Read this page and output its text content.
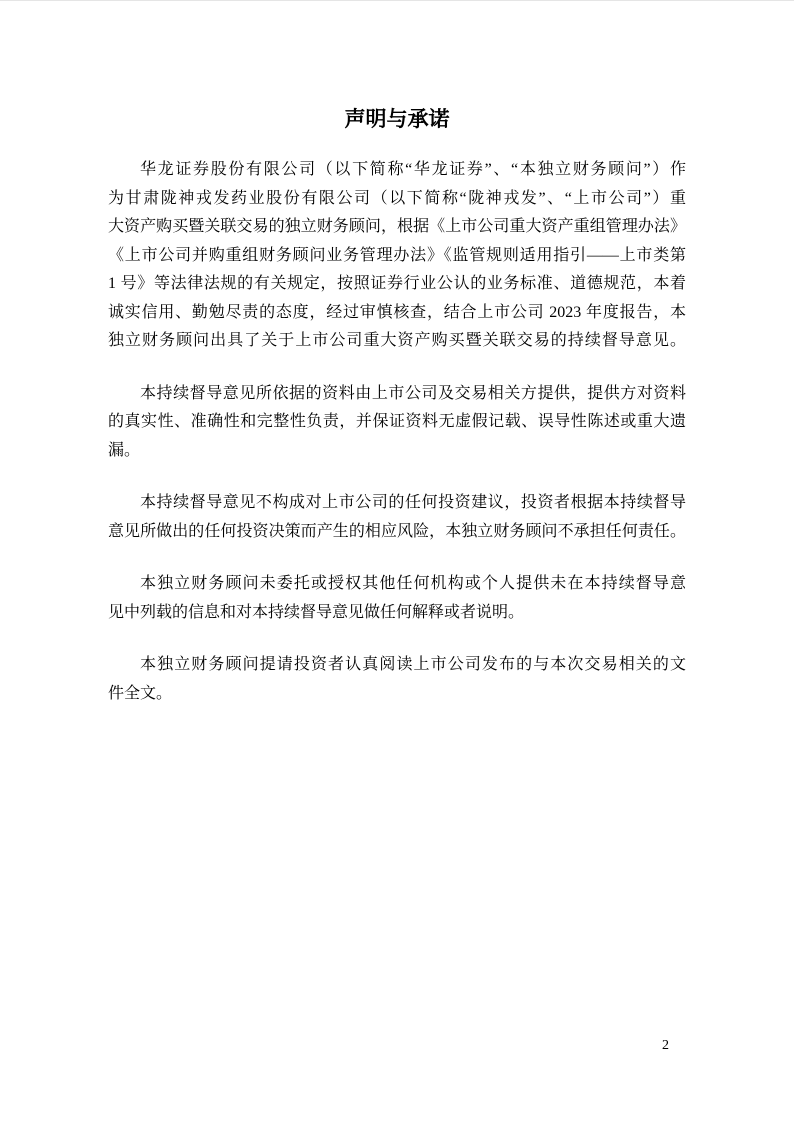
声明与承诺
华龙证券股份有限公司（以下简称“华龙证券”、“本独立财务顾问”）作
为甘肃陇神戎发药业股份有限公司（以下简称“陇神戎发”、“上市公司”）重
大资产购买暨关联交易的独立财务顾问，根据《上市公司重大资产重组管理办法》
《上市公司并购重组财务顾问业务管理办法》《监管规则适用指引——上市类第
1 号》等法律法规的有关规定，按照证券行业公认的业务标准、道德规范，本着
诚实信用、勤勉尽责的态度，经过审慎核查，结合上市公司 2023 年度报告，本
独立财务顾问出具了关于上市公司重大资产购买暨关联交易的持续督导意见。
本持续督导意见所依据的资料由上市公司及交易相关方提供，提供方对资料
的真实性、准确性和完整性负责，并保证资料无虚假记载、误导性陈述或重大遗
漏。
本持续督导意见不构成对上市公司的任何投资建议，投资者根据本持续督导
意见所做出的任何投资决策而产生的相应风险，本独立财务顾问不承担任何责任。
本独立财务顾问未委托或授权其他任何机构或个人提供未在本持续督导意
见中列载的信息和对本持续督导意见做任何解释或者说明。
本独立财务顾问提请投资者认真阅读上市公司发布的与本次交易相关的文
件全文。
2
